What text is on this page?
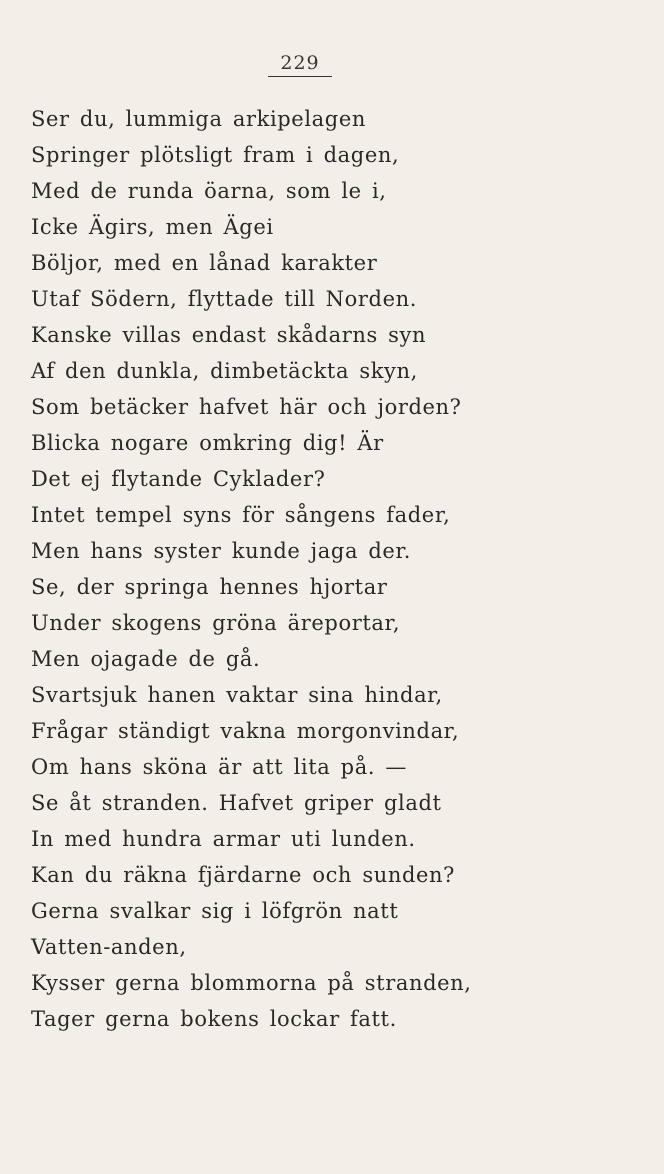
229
Ser du, lummiga arkipelagen
Springer plötsligt fram i dagen,
Med de runda öarna, som le i,
Icke Ägirs, men Ägei
Böljor, med en lånad karakter
Utaf Södern, flyttade till Norden.
Kanske villas endast skådarns syn
Af den dunkla, dimbetäckta skyn,
Som betäcker hafvet här och jorden?
Blicka nogare omkring dig! Är
Det ej flytande Cyklader?
Intet tempel syns för sångens fader,
Men hans syster kunde jaga der.
Se, der springa hennes hjortar
Under skogens gröna äreportar,
Men ojagade de gå.
Svartsjuk hanen vaktar sina hindar,
Frågar ständigt vakna morgonvindar,
Om hans sköna är att lita på. —
Se åt stranden. Hafvet griper gladt
In med hundra armar uti lunden.
Kan du räkna fjärdarne och sunden?
Gerna svalkar sig i löfgrön natt
Vatten-anden,
Kysser gerna blommorna på stranden,
Tager gerna bokens lockar fatt.
